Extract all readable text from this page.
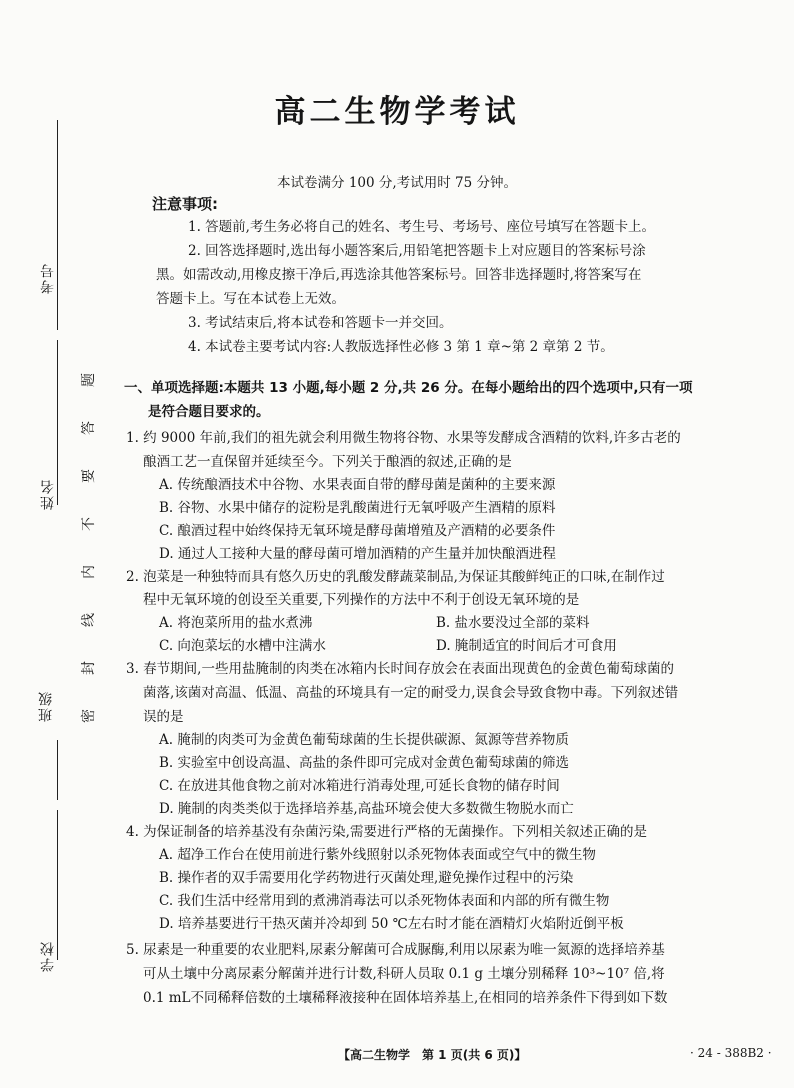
考号
姓名
班级
学校
题
答
要
不
内
线
封
密
高二生物学考试
本试卷满分 100 分,考试用时 75 分钟。
注意事项:
1. 答题前,考生务必将自己的姓名、考生号、考场号、座位号填写在答题卡上。
2. 回答选择题时,选出每小题答案后,用铅笔把答题卡上对应题目的答案标号涂
黑。如需改动,用橡皮擦干净后,再选涂其他答案标号。回答非选择题时,将答案写在
答题卡上。写在本试卷上无效。
3. 考试结束后,将本试卷和答题卡一并交回。
4. 本试卷主要考试内容:人教版选择性必修 3 第 1 章~第 2 章第 2 节。
一、单项选择题:本题共 13 小题,每小题 2 分,共 26 分。在每小题给出的四个选项中,只有一项
是符合题目要求的。
1. 约 9000 年前,我们的祖先就会利用微生物将谷物、水果等发酵成含酒精的饮料,许多古老的
酿酒工艺一直保留并延续至今。下列关于酿酒的叙述,正确的是
A. 传统酿酒技术中谷物、水果表面自带的酵母菌是菌种的主要来源
B. 谷物、水果中储存的淀粉是乳酸菌进行无氧呼吸产生酒精的原料
C. 酿酒过程中始终保持无氧环境是酵母菌增殖及产酒精的必要条件
D. 通过人工接种大量的酵母菌可增加酒精的产生量并加快酿酒进程
2. 泡菜是一种独特而具有悠久历史的乳酸发酵蔬菜制品,为保证其酸鲜纯正的口味,在制作过
程中无氧环境的创设至关重要,下列操作的方法中不利于创设无氧环境的是
A. 将泡菜所用的盐水煮沸	B. 盐水要没过全部的菜料
C. 向泡菜坛的水槽中注满水	D. 腌制适宜的时间后才可食用
3. 春节期间,一些用盐腌制的肉类在冰箱内长时间存放会在表面出现黄色的金黄色葡萄球菌的
菌落,该菌对高温、低温、高盐的环境具有一定的耐受力,误食会导致食物中毒。下列叙述错
误的是
A. 腌制的肉类可为金黄色葡萄球菌的生长提供碳源、氮源等营养物质
B. 实验室中创设高温、高盐的条件即可完成对金黄色葡萄球菌的筛选
C. 在放进其他食物之前对冰箱进行消毒处理,可延长食物的储存时间
D. 腌制的肉类类似于选择培养基,高盐环境会使大多数微生物脱水而亡
4. 为保证制备的培养基没有杂菌污染,需要进行严格的无菌操作。下列相关叙述正确的是
A. 超净工作台在使用前进行紫外线照射以杀死物体表面或空气中的微生物
B. 操作者的双手需要用化学药物进行灭菌处理,避免操作过程中的污染
C. 我们生活中经常用到的煮沸消毒法可以杀死物体表面和内部的所有微生物
D. 培养基要进行干热灭菌并冷却到 50 ℃左右时才能在酒精灯火焰附近倒平板
5. 尿素是一种重要的农业肥料,尿素分解菌可合成脲酶,利用以尿素为唯一氮源的选择培养基
可从土壤中分离尿素分解菌并进行计数,科研人员取 0.1 g 土壤分别稀释 10³~10⁷ 倍,将
0.1 mL不同稀释倍数的土壤稀释液接种在固体培养基上,在相同的培养条件下得到如下数
【高二生物学　第 1 页(共 6 页)】	· 24 - 388B2 ·
